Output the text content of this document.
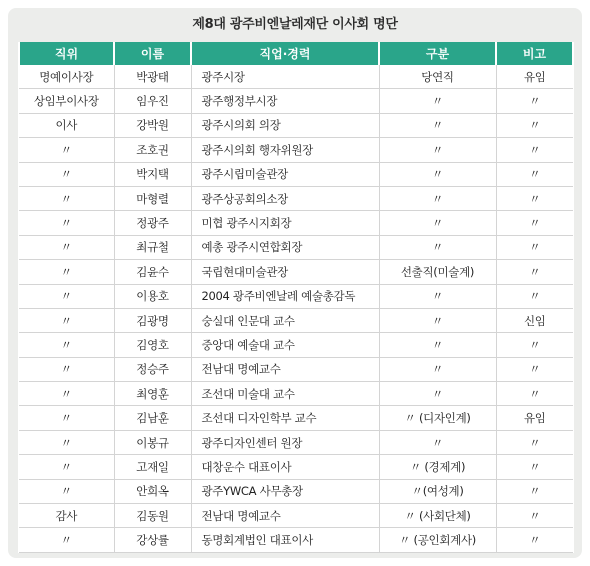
제8대 광주비엔날레재단 이사회 명단
직위	이름	직업·경력	구분	비고
명예이사장	박광태	광주시장	당연직	유임
상임부이사장	임우진	광주행정부시장	〃	〃
이사	강박원	광주시의회 의장	〃	〃
〃	조호권	광주시의회 행자위원장	〃	〃
〃	박지택	광주시립미술관장	〃	〃
〃	마형렬	광주상공회의소장	〃	〃
〃	정광주	미협 광주시지회장	〃	〃
〃	최규철	예총 광주시연합회장	〃	〃
〃	김윤수	국립현대미술관장	선출직(미술계)	〃
〃	이용호	2004 광주비엔날레 예술총감독	〃	〃
〃	김광명	숭실대 인문대 교수	〃	신임
〃	김영호	중앙대 예술대 교수	〃	〃
〃	정승주	전남대 명예교수	〃	〃
〃	최영훈	조선대 미술대 교수	〃	〃
〃	김남훈	조선대 디자인학부 교수	〃 (디자인계)	유임
〃	이봉규	광주디자인센터 원장	〃	〃
〃	고재일	대창운수 대표이사	〃 (경제계)	〃
〃	안희옥	광주YWCA 사무총장	〃(여성계)	〃
감사	김동원	전남대 명예교수	〃 (사회단체)	〃
〃	강상률	동명회계법인 대표이사	〃 (공인회계사)	〃
